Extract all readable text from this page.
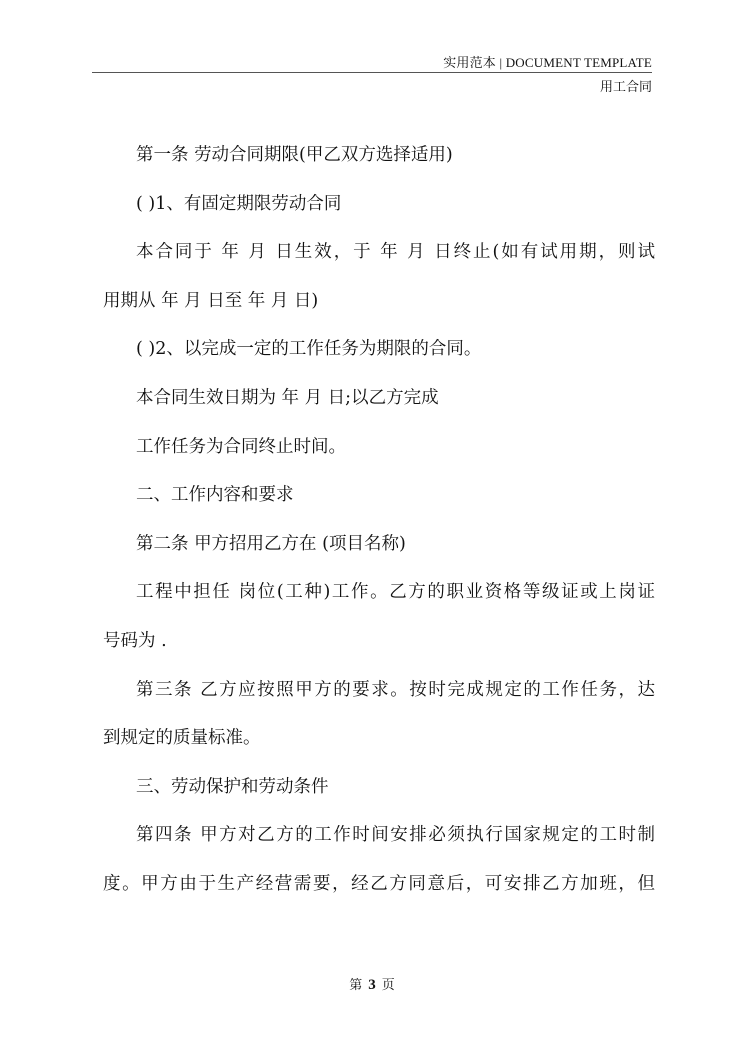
实用范本 | DOCUMENT TEMPLATE
用工合同
第一条 劳动合同期限(甲乙双方选择适用)
( )1、有固定期限劳动合同
本合同于 年 月 日生效，于 年 月 日终止(如有试用期，则试
用期从 年 月 日至 年 月 日)
( )2、以完成一定的工作任务为期限的合同。
本合同生效日期为 年 月 日;以乙方完成
工作任务为合同终止时间。
二、工作内容和要求
第二条 甲方招用乙方在 (项目名称)
工程中担任 岗位(工种)工作。乙方的职业资格等级证或上岗证
号码为 .
第三条 乙方应按照甲方的要求。按时完成规定的工作任务，达
到规定的质量标准。
三、劳动保护和劳动条件
第四条 甲方对乙方的工作时间安排必须执行国家规定的工时制
度。甲方由于生产经营需要，经乙方同意后，可安排乙方加班，但
第 3 页
